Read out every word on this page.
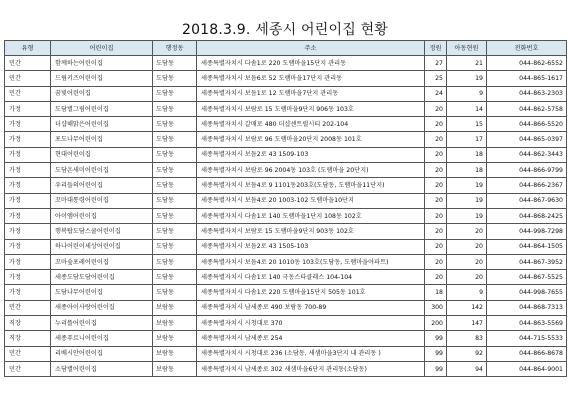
2018.3.9. 세종시 어린이집 현황
유형	어린이집	행정동	주소	정원	아동현원	전화번호
민간	함께하는어린이집	도담동	세종특별자치시 다솜1로 220 도램마을15단지 관리동	27	21	044-862-6552
민간	드림키즈어린이집	도담동	세종특별자치시 보듬6로 52 도램마을17단지 관리동	25	19	044-865-1617
민간	꿈빛어린이집	도담동	세종특별자치시 보듬1로 12 도램마을7단지 관리동	24	9	044-863-2303
가정	도담별그림어린이집	도담동	세종특별자치시 보람로 15 도램마을9단지 906동 103호	20	14	044-862-5758
가정	더샵해맑은어린이집	도담동	세종특별자치시 갈매로 480 더샵센트럴시티 202-104	20	15	044-866-5520
가정	포도나무어린이집	도담동	세종특별자치시 보람로 96 도램마을20단지 2008동 101호	20	17	044-865-0397
가정	현대어린이집	도담동	세종특별자치시 보듬2로 43 1509-103	20	18	044-862-3443
가정	도담온새미어린이집	도담동	세종특별자치시 보람로 96 2004동 103호 (도램마을 20단지)	20	18	044-866-9799
가정	우리들의어린이집	도담동	세종특별자치시 보듬4로 9 1101동203호(도담동, 도램마을11단지)	20	19	044-866-2367
가정	꼬마대통령어린이집	도담동	세종특별자치시 보듬4로 20 1003-102 도램마을10단지	20	19	044-867-9630
가정	아이엠어린이집	도담동	세종특별자치시 다솜1로 140 도램마을1단지 108동 102호	20	19	044-868-2425
가정	행복탑도담스쿨어린이집	도담동	세종특별자치시 보람로 15 도램마을9단지 903동 102호	20	20	044-998-7298
가정	하나어린이세상어린이집	도담동	세종특별자치시 보듬2로 43 1505-103	20	20	044-864-1505
가정	꼬마숲포레어린이집	도담동	세종특별자치시 보듬4로 20 1010동 103호(도담동, 도램마을아파트)	20	20	044-867-3952
가정	세종도담도담어린이집	도담동	세종특별자치시 다솜1로 140 극동스타클래스 104-104	20	20	044-867-5525
가정	도담나무어린이집	도담동	세종특별자치시 다솜1로 220 도램마을15단지 505동 101호	18	9	044-998-7655
민간	세종아이사랑어린이집	보람동	세종특별자치시 남세종로 490 보람동 700-89	300	142	044-868-7313
직장	누리뜰어린이집	보람동	세종특별자치시 시청대로 370	200	147	044-863-5569
직장	세종푸르니어린이집	보람동	세종특별자치시 남세종로 254	99	83	044-715-5533
민간	리베시안어린이집	보람동	세종특별자치시 시청대로 236 (소담동, 새샘마을3단지 내 관리동 )	99	92	044-866-8678
민간	소담별어린이집	보람동	세종특별자치시 남세종로 302 새샘마을6단지 관리동(소담동)	99	94	044-864-9001
